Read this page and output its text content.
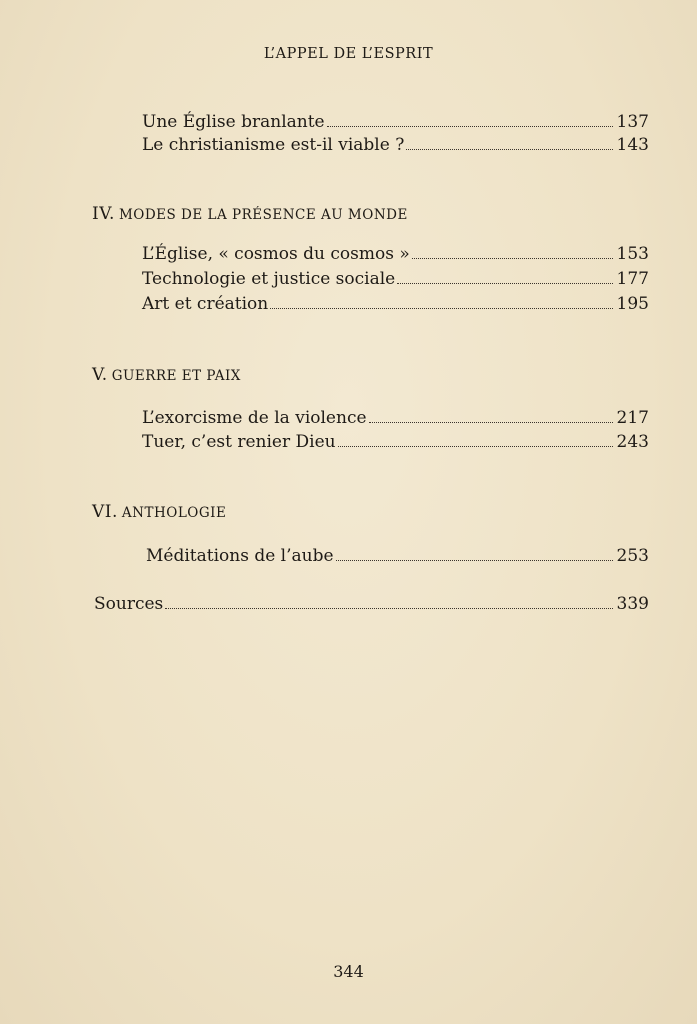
L’APPEL DE L’ESPRIT
Une Église branlante	137
Le christianisme est-il viable ?	143
IV. MODES DE LA PRÉSENCE AU MONDE
L’Église, « cosmos du cosmos »	153
Technologie et justice sociale	177
Art et création	195
V. GUERRE ET PAIX
L’exorcisme de la violence	217
Tuer, c’est renier Dieu	243
VI. ANTHOLOGIE
Méditations de l’aube	253
Sources	339
344
